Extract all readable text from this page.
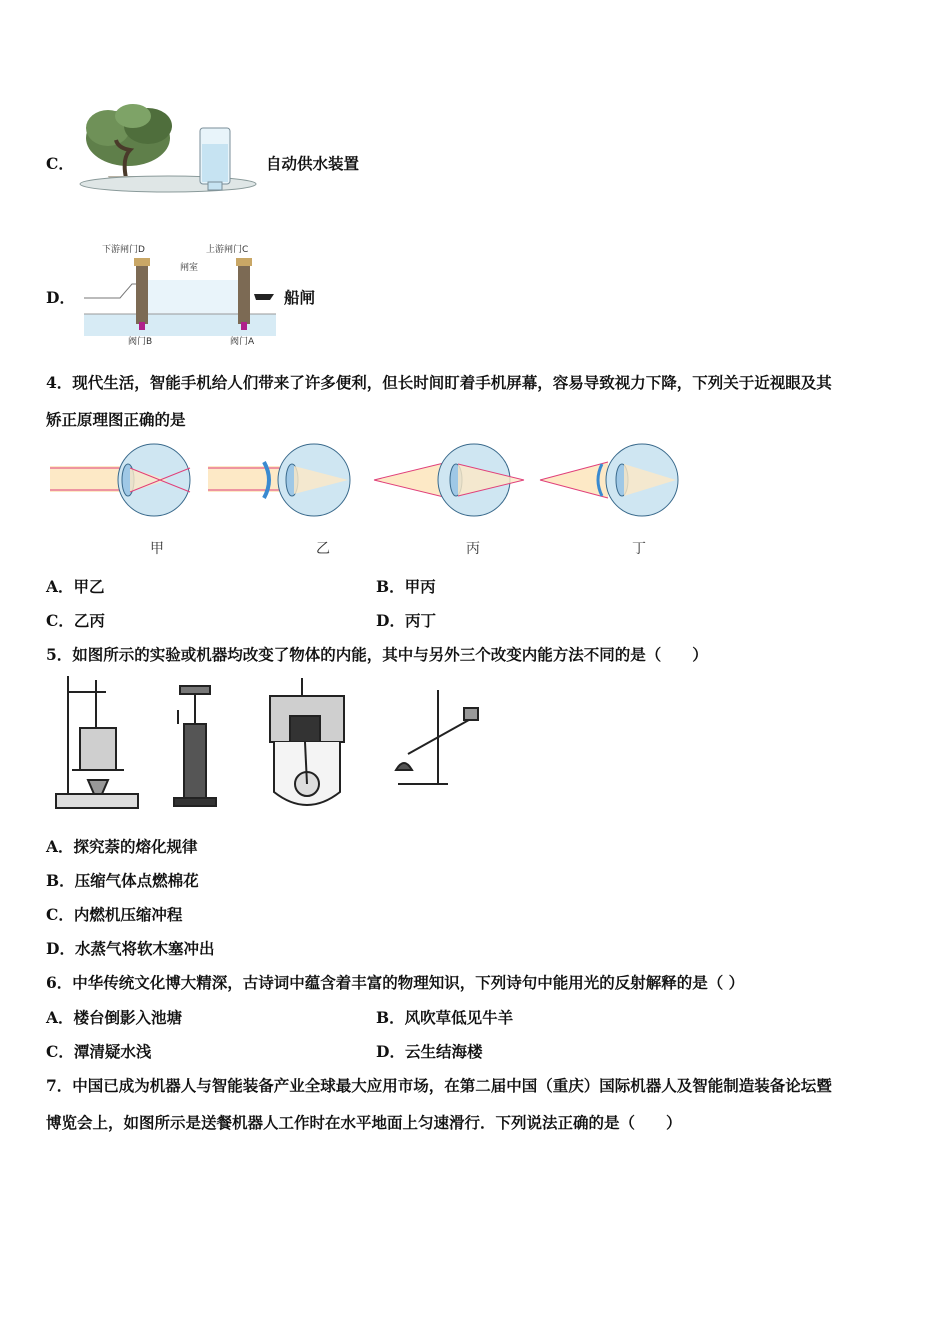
C．	自动供水装置
D．
下游闸门D	上游闸门C
闸室
阀门B	阀门A
船闸
4．现代生活，智能手机给人们带来了许多便利，但长时间盯着手机屏幕，容易导致视力下降，下列关于近视眼及其
矫正原理图正确的是
甲	乙	丙	丁
A．甲乙	B．甲丙
C．乙丙	D．丙丁
5．如图所示的实验或机器均改变了物体的内能，其中与另外三个改变内能方法不同的是（　　）
A．探究萘的熔化规律
B．压缩气体点燃棉花
C．内燃机压缩冲程
D．水蒸气将软木塞冲出
6．中华传统文化博大精深，古诗词中蕴含着丰富的物理知识，下列诗句中能用光的反射解释的是（ ）
A．楼台倒影入池塘	B．风吹草低见牛羊
C．潭清疑水浅	D．云生结海楼
7．中国已成为机器人与智能装备产业全球最大应用市场，在第二届中国（重庆）国际机器人及智能制造装备论坛暨
博览会上，如图所示是送餐机器人工作时在水平地面上匀速滑行．下列说法正确的是（　　）
